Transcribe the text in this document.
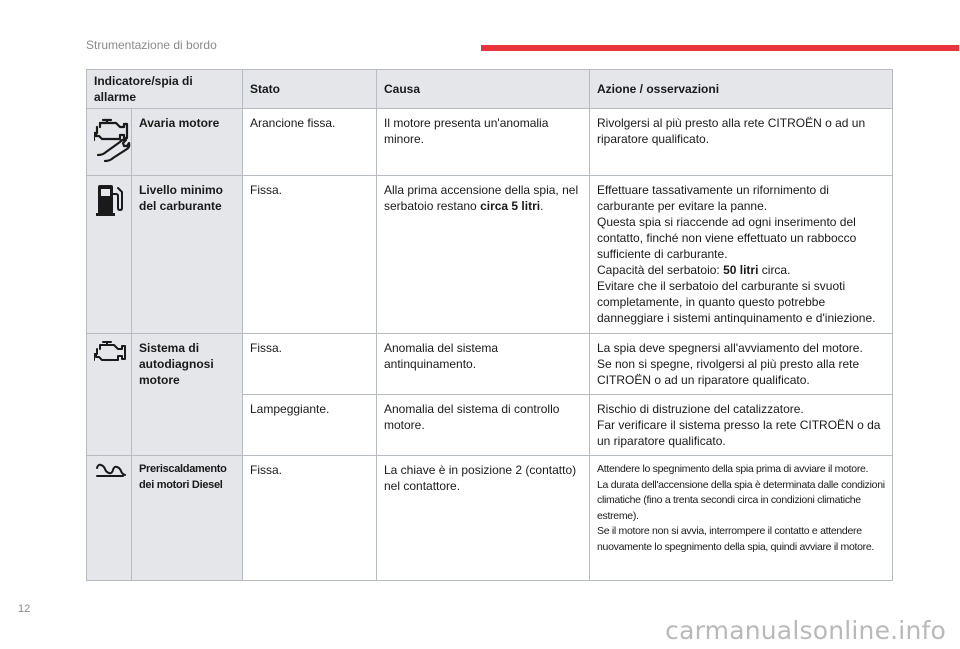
Strumentazione di bordo
Indicatore/spia di allarme		Stato	Causa	Azione / osservazioni

	Avaria motore	Arancione fissa.	Il motore presenta un'anomalia minore.	Rivolgersi al più presto alla rete CITROËN o ad un riparatore qualificato.

	Livello minimo del carburante	Fissa.	Alla prima accensione della spia, nel serbatoio restano circa 5 litri.	Effettuare tassativamente un rifornimento di carburante per evitare la panne.
Questa spia si riaccende ad ogni inserimento del contatto, finché non viene effettuato un rabbocco sufficiente di carburante.
Capacità del serbatoio: 50 litri circa.
Evitare che il serbatoio del carburante si svuoti completamente, in quanto questo potrebbe danneggiare i sistemi antinquinamento e d'iniezione.

	Sistema di autodiagnosi motore	Fissa.	Anomalia del sistema antinquinamento.	La spia deve spegnersi all'avviamento del motore.
Se non si spegne, rivolgersi al più presto alla rete CITROËN o ad un riparatore qualificato.

		Lampeggiante.	Anomalia del sistema di controllo motore.	Rischio di distruzione del catalizzatore.
Far verificare il sistema presso la rete CITROËN o da un riparatore qualificato.

	Preriscaldamento dei motori Diesel	Fissa.	La chiave è in posizione 2 (contatto) nel contattore.	Attendere lo spegnimento della spia prima di avviare il motore.
La durata dell'accensione della spia è determinata dalle condizioni climatiche (fino a trenta secondi circa in condizioni climatiche estreme).
Se il motore non si avvia, interrompere il contatto e attendere nuovamente lo spegnimento della spia, quindi avviare il motore.
12
carmanualsonline.info
